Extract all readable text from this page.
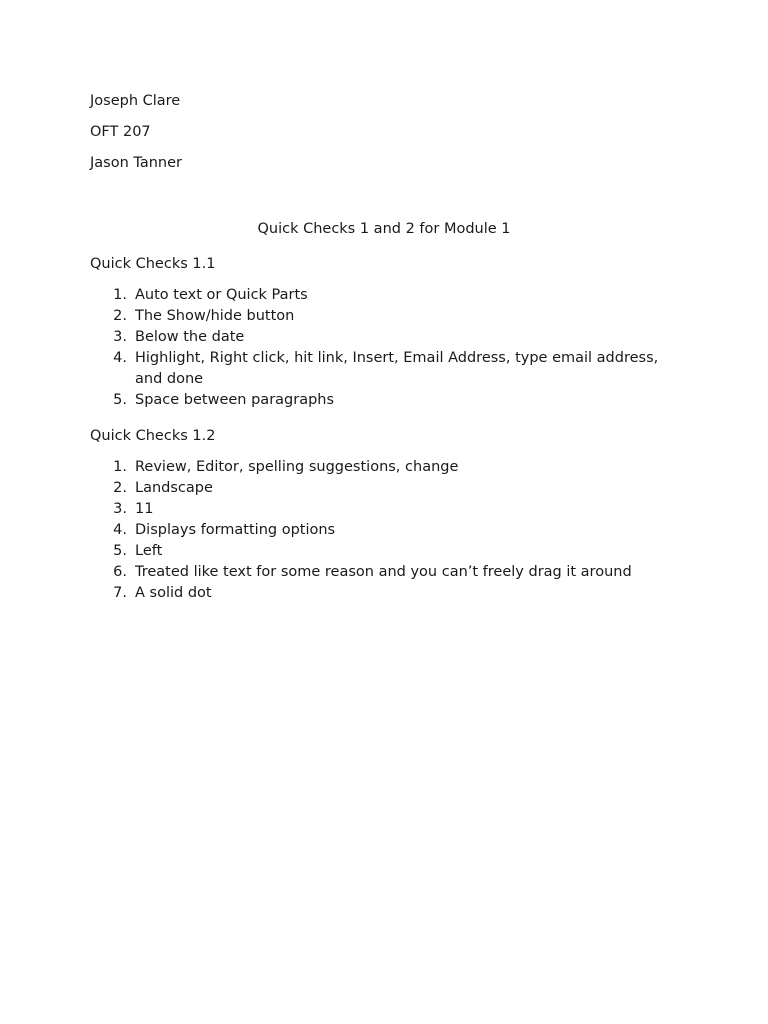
Joseph Clare

OFT 207

Jason Tanner

Quick Checks 1 and 2 for Module 1

Quick Checks 1.1

1. Auto text or Quick Parts
2. The Show/hide button
3. Below the date
4. Highlight, Right click, hit link, Insert, Email Address, type email address, and done
5. Space between paragraphs

Quick Checks 1.2

1. Review, Editor, spelling suggestions, change
2. Landscape
3. 11
4. Displays formatting options
5. Left
6. Treated like text for some reason and you can’t freely drag it around
7. A solid dot
